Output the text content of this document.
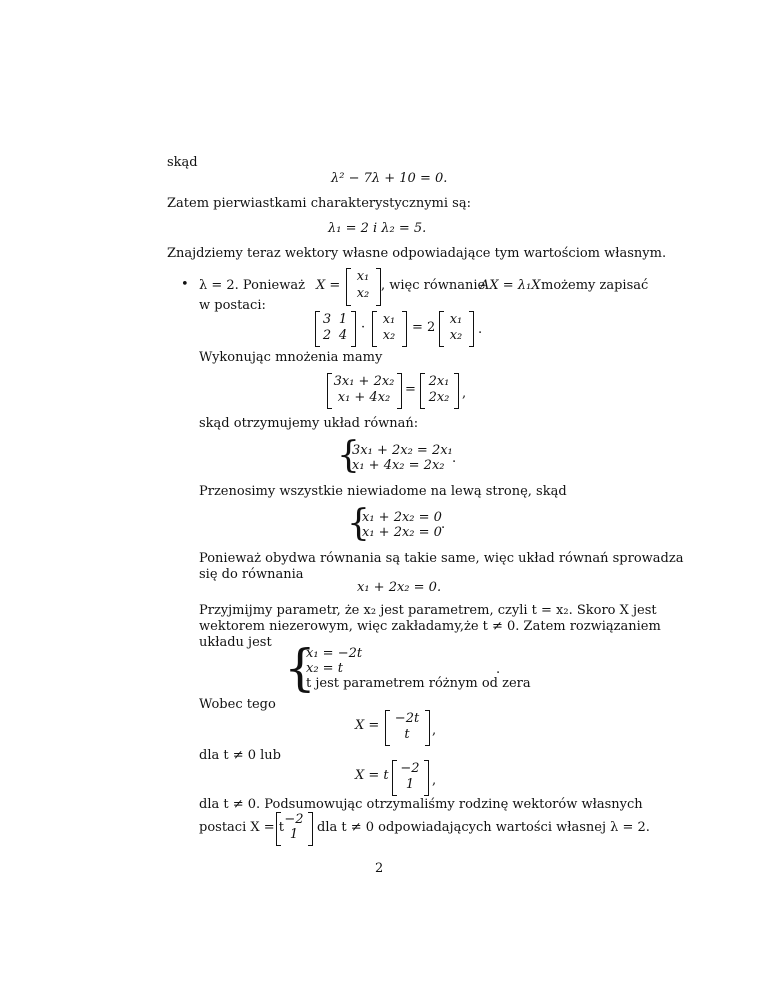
skąd
λ² − 7λ + 10 = 0.
Zatem pierwiastkami charakterystycznymi są:
λ₁ = 2 i λ₂ = 5.
Znajdziemy teraz wektory własne odpowiadające tym wartościom własnym.
• λ = 2. Ponieważ X =
x₁
x₂
, więc równanie
AX = λ₁X możemy zapisać
w postaci:
3 1
2 4
·
x₁
x₂
= 2
x₁
x₂	.
Wykonując mnożenia mamy
3x₁ + 2x₂
x₁ + 4x₂
=
2x₁
2x₂ ,
skąd otrzymujemy układ równań:
{
3x₁ + 2x₂ = 2x₁
x₁ + 4x₂ = 2x₂ .
Przenosimy wszystkie niewiadome na lewą stronę, skąd
{
x₁ + 2x₂ = 0
x₁ + 2x₂ = 0
.
Ponieważ obydwa równania są takie same, więc układ równań sprowadza
się do równania
x₁ + 2x₂ = 0.
Przyjmijmy parametr, że x₂ jest parametrem, czyli t = x₂. Skoro X jest
wektorem niezerowym, więc zakładamy,że t ≠ 0. Zatem rozwiązaniem
układu jest {
x₁ = −2t
x₂ = t
t jest parametrem różnym od zera
.
Wobec tego
X =	−2t
t	,
dla t ≠ 0 lub
X = t −2
1	,
dla t ≠ 0. Podsumowując otrzymaliśmy rodzinę wektorów własnych
postaci X = t
−2
1	dla t ≠ 0 odpowiadających wartości własnej λ = 2.
2
